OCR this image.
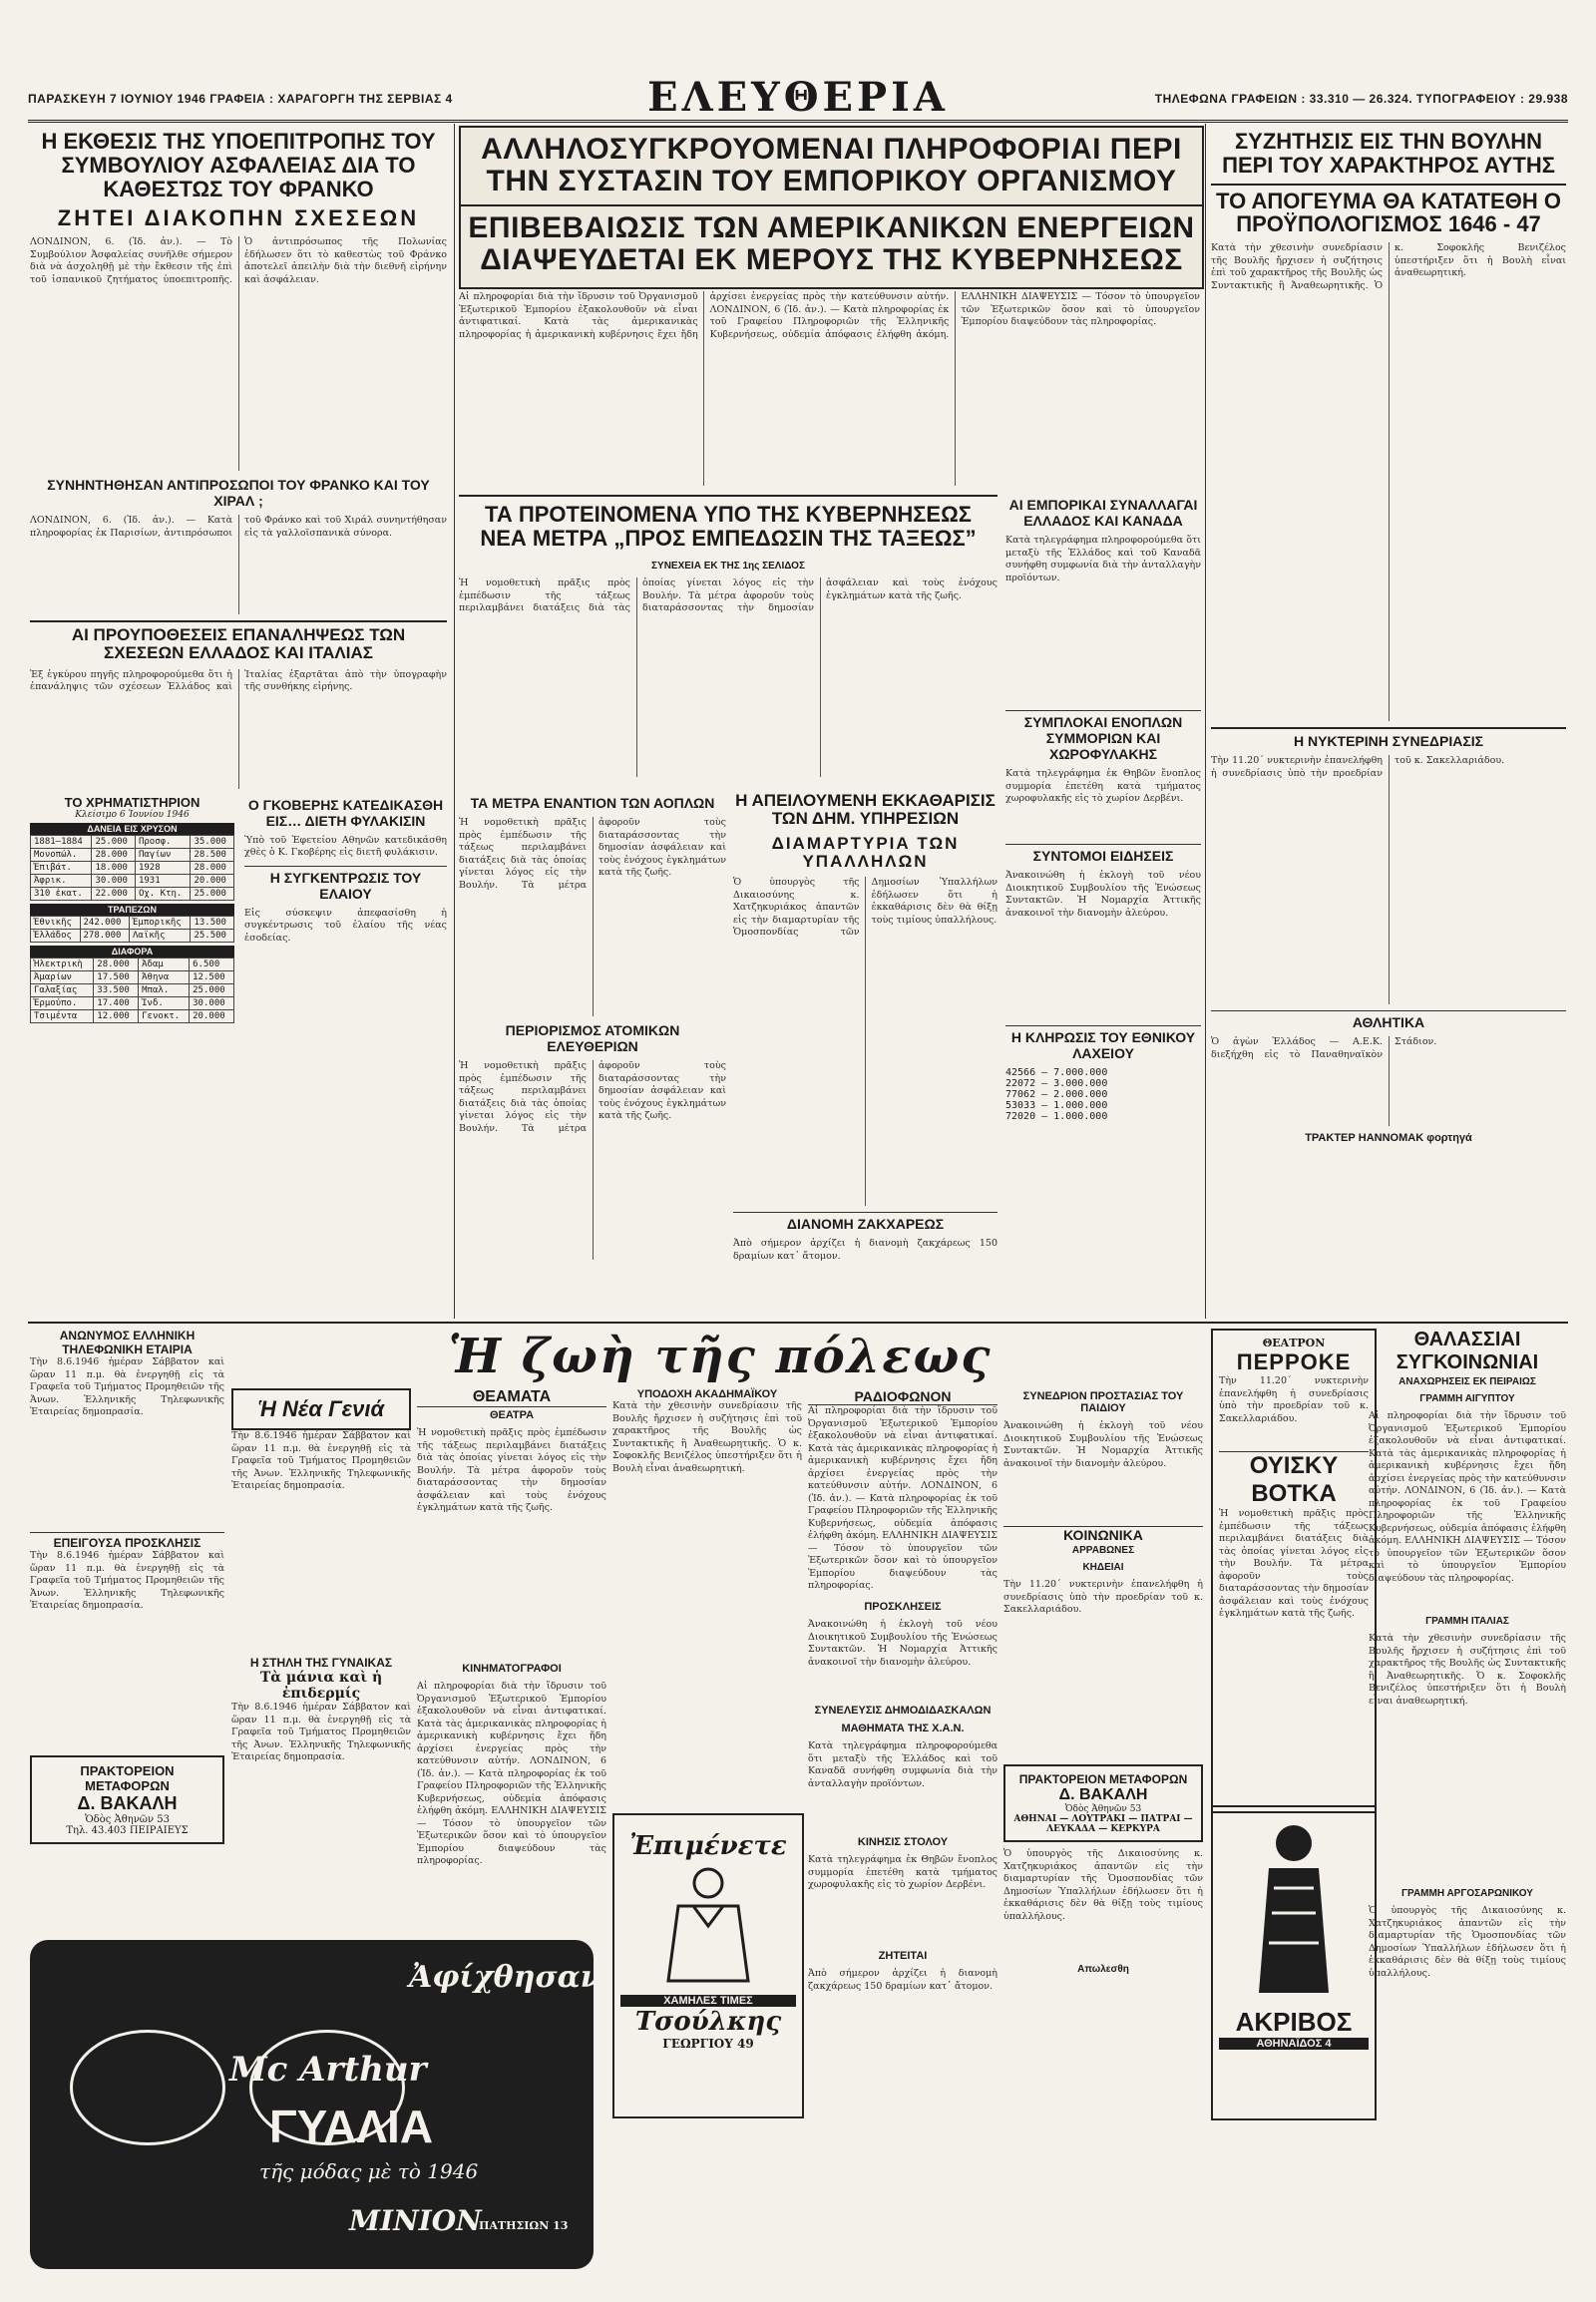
ΠΑΡΑΣΚΕΥΗ 7 ΙΟΥΝΙΟΥ 1946 ΓΡΑΦΕΙΑ : ΧΑΡΑΓΟΡΓΗ ΤΗΣ ΣΕΡΒΙΑΣ 4	ΕΛΕΥΘΕΡΙΑ	ΤΗΛΕΦΩΝΑ ΓΡΑΦΕΙΩΝ : 33.310 — 26.324. ΤΥΠΟΓΡΑΦΕΙΟΥ : 29.938
Η ΕΚΘΕΣΙΣ ΤΗΣ ΥΠΟΕΠΙΤΡΟΠΗΣ ΤΟΥ ΣΥΜΒΟΥΛΙΟΥ ΑΣΦΑΛΕΙΑΣ ΔΙΑ ΤΟ ΚΑΘΕΣΤΩΣ ΤΟΥ ΦΡΑΝΚΟ
ΖΗΤΕΙ ΔΙΑΚΟΠΗΝ ΣΧΕΣΕΩΝ

ΛΟΝΔΙΝΟΝ, 6. (Ἰδ. ἀν.). — Τὸ Συμβούλιον Ἀσφαλείας συνῆλθε σήμερον διὰ νὰ ἀσχοληθῇ μὲ τὴν ἔκθεσιν τῆς ἐπὶ τοῦ ἰσπανικοῦ ζητήματος ὑποεπιτροπῆς. Ὁ ἀντιπρόσωπος τῆς Πολωνίας ἐδήλωσεν ὅτι τὸ καθεστὼς τοῦ Φράνκο ἀποτελεῖ ἀπειλὴν διὰ τὴν διεθνῆ εἰρήνην καὶ ἀσφάλειαν.

ΣΥΝΗΝΤΗΘΗΣΑΝ ΑΝΤΙΠΡΟΣΩΠΟΙ ΤΟΥ ΦΡΑΝΚΟ ΚΑΙ ΤΟΥ ΧΙΡΑΛ ;

ΛΟΝΔΙΝΟΝ, 6. (Ἰδ. ἀν.). — Κατὰ πληροφορίας ἐκ Παρισίων, ἀντιπρόσωποι τοῦ Φράνκο καὶ τοῦ Χιράλ συνηντήθησαν εἰς τὰ γαλλοϊσπανικὰ σύνορα.

ΑΙ ΠΡΟΥΠΟΘΕΣΕΙΣ ΕΠΑΝΑΛΗΨΕΩΣ ΤΩΝ ΣΧΕΣΕΩΝ ΕΛΛΑΔΟΣ ΚΑΙ ΙΤΑΛΙΑΣ

Ἐξ ἐγκύρου πηγῆς πληροφορούμεθα ὅτι ἡ ἐπανάληψις τῶν σχέσεων Ἑλλάδος καὶ Ἰταλίας ἐξαρτᾶται ἀπὸ τὴν ὑπογραφὴν τῆς συνθήκης εἰρήνης.

ΤΟ ΧΡΗΜΑΤΙΣΤΗΡΙΟΝ
Κλείσιμο 6 Ἰουνίου 1946
ΔΑΝΕΙΑ ΕΙΣ ΧΡΥΣΟΝ
1881—1884	25.000	Προσφ.	35.000
Μονοπώλ.	28.000	Παγίων	28.500
Ἐπιβάτ.	18.000	1928	28.000
Ἀφρικ.	30.000	1931	20.000
310 ἐκατ.	22.000	Οχ. Κτη.	25.000
ΤΡΑΠΕΖΩΝ
Ἐθνικῆς	242.000	Ἐμπορικῆς	13.500
Ἑλλάδος	278.000	Λαϊκῆς	25.500
ΔΙΑΦΟΡΑ
Ἠλεκτρικὴ	28.000	Ἀδαμ	6.500
Ἀμαρίων	17.500	Ἀθηνα	12.500
Γαλαξίας	33.500	Μπαλ.	25.000
Ἑρμούπο.	17.400	Ἰνδ.	30.000
Τσιμέντα	12.000	Γενοκτ.	20.000
Ο ΓΚΟΒΕΡΗΣ ΚΑΤΕΔΙΚΑΣΘΗ ΕΙΣ… ΔΙΕΤΗ ΦΥΛΑΚΙΣΙΝ

Ὑπὸ τοῦ Ἐφετείου Αθηνῶν κατεδικάσθη χθὲς ὁ Κ. Γκοβέρης εἰς διετῆ φυλάκισιν.

Η ΣΥΓΚΕΝΤΡΩΣΙΣ ΤΟΥ ΕΛΑΙΟΥ

Εἰς σύσκεψιν ἀπεφασίσθη ἡ συγκέντρωσις τοῦ ἐλαίου τῆς νέας ἐσοδείας.

ΑΛΛΗΛΟΣΥΓΚΡΟΥΟΜΕΝΑΙ ΠΛΗΡΟΦΟΡΙΑΙ ΠΕΡΙ ΤΗΝ ΣΥΣΤΑΣΙΝ ΤΟΥ ΕΜΠΟΡΙΚΟΥ ΟΡΓΑΝΙΣΜΟΥ
ΕΠΙΒΕΒΑΙΩΣΙΣ ΤΩΝ ΑΜΕΡΙΚΑΝΙΚΩΝ ΕΝΕΡΓΕΙΩΝ ΔΙΑΨΕΥΔΕΤΑΙ ΕΚ ΜΕΡΟΥΣ ΤΗΣ ΚΥΒΕΡΝΗΣΕΩΣ

Αἱ πληροφορίαι διὰ τὴν ἵδρυσιν τοῦ Ὀργανισμοῦ Ἐξωτερικοῦ Ἐμπορίου ἐξακολουθοῦν νὰ εἶναι ἀντιφατικαί. Κατὰ τὰς ἀμερικανικὰς πληροφορίας ἡ ἀμερικανικὴ κυβέρνησις ἔχει ἤδη ἀρχίσει ἐνεργείας πρὸς τὴν κατεύθυνσιν αὐτήν. ΛΟΝΔΙΝΟΝ, 6 (Ἰδ. ἀν.). — Κατὰ πληροφορίας ἐκ τοῦ Γραφείου Πληροφοριῶν τῆς Ἐλληνικῆς Κυβερνήσεως, οὐδεμία ἀπόφασις ἐλήφθη ἀκόμη. ΕΛΛΗΝΙΚΗ ΔΙΑΨΕΥΣΙΣ — Τόσον τὸ ὑπουργεῖον τῶν Ἐξωτερικῶν ὅσον καὶ τὸ ὑπουργεῖον Ἐμπορίου διαψεύδουν τὰς πληροφορίας.

ΤΑ ΠΡΟΤΕΙΝΟΜΕΝΑ ΥΠΟ ΤΗΣ ΚΥΒΕΡΝΗΣΕΩΣ ΝΕΑ ΜΕΤΡΑ „ΠΡΟΣ ΕΜΠΕΔΩΣΙΝ ΤΗΣ ΤΑΞΕΩΣ”
ΣΥΝΕΧΕΙΑ ΕΚ ΤΗΣ 1ης ΣΕΛΙΔΟΣ

Ἡ νομοθετικὴ πρᾶξις πρὸς ἐμπέδωσιν τῆς τάξεως περιλαμβάνει διατάξεις διὰ τὰς ὁποίας γίνεται λόγος εἰς τὴν Βουλήν. Τὰ μέτρα ἀφοροῦν τοὺς διαταράσσοντας τὴν δημοσίαν ἀσφάλειαν καὶ τοὺς ἐνόχους ἐγκλημάτων κατὰ τῆς ζωῆς.

Η ΑΠΕΙΛΟΥΜΕΝΗ ΕΚΚΑΘΑΡΙΣΙΣ ΤΩΝ ΔΗΜ. ΥΠΗΡΕΣΙΩΝ
ΔΙΑΜΑΡΤΥΡΙΑ ΤΩΝ ΥΠΑΛΛΗΛΩΝ

Ὁ ὑπουργὸς τῆς Δικαιοσύνης κ. Χατζηκυριάκος ἀπαντῶν εἰς τὴν διαμαρτυρίαν τῆς Ὁμοσπονδίας τῶν Δημοσίων Ὑπαλλήλων ἐδήλωσεν ὅτι ἡ ἐκκαθάρισις δὲν θὰ θίξῃ τοὺς τιμίους ὑπαλλήλους.

ΔΙΑΝΟΜΗ ΖΑΚΧΑΡΕΩΣ

Ἀπὸ σήμερον ἀρχίζει ἡ διανομὴ ζακχάρεως 150 δραμίων κατ᾽ ἄτομον.

ΤΑ ΜΕΤΡΑ ΕΝΑΝΤΙΟΝ ΤΩΝ ΑΟΠΛΩΝ

Ἡ νομοθετικὴ πρᾶξις πρὸς ἐμπέδωσιν τῆς τάξεως περιλαμβάνει διατάξεις διὰ τὰς ὁποίας γίνεται λόγος εἰς τὴν Βουλήν. Τὰ μέτρα ἀφοροῦν τοὺς διαταράσσοντας τὴν δημοσίαν ἀσφάλειαν καὶ τοὺς ἐνόχους ἐγκλημάτων κατὰ τῆς ζωῆς.

ΠΕΡΙΟΡΙΣΜΟΣ ΑΤΟΜΙΚΩΝ ΕΛΕΥΘΕΡΙΩΝ

Ἡ νομοθετικὴ πρᾶξις πρὸς ἐμπέδωσιν τῆς τάξεως περιλαμβάνει διατάξεις διὰ τὰς ὁποίας γίνεται λόγος εἰς τὴν Βουλήν. Τὰ μέτρα ἀφοροῦν τοὺς διαταράσσοντας τὴν δημοσίαν ἀσφάλειαν καὶ τοὺς ἐνόχους ἐγκλημάτων κατὰ τῆς ζωῆς.

ΑΙ ΕΜΠΟΡΙΚΑΙ ΣΥΝΑΛΛΑΓΑΙ ΕΛΛΑΔΟΣ ΚΑΙ ΚΑΝΑΔΑ

Κατὰ τηλεγράφημα πληροφορούμεθα ὅτι μεταξὺ τῆς Ἑλλάδος καὶ τοῦ Καναδᾶ συνήφθη συμφωνία διὰ τὴν ἀνταλλαγὴν προϊόντων.

ΣΥΜΠΛΟΚΑΙ ΕΝΟΠΛΩΝ ΣΥΜΜΟΡΙΩΝ ΚΑΙ ΧΩΡΟΦΥΛΑΚΗΣ

Κατὰ τηλεγράφημα ἐκ Θηβῶν ἔνοπλος συμμορία ἐπετέθη κατὰ τμήματος χωροφυλακῆς εἰς τὸ χωρίον Δερβένι.

ΣΥΝΤΟΜΟΙ ΕΙΔΗΣΕΙΣ

Ἀνακοινώθη ἡ ἐκλογὴ τοῦ νέου Διοικητικοῦ Συμβουλίου τῆς Ἑνώσεως Συντακτῶν. Ἡ Νομαρχία Ἀττικῆς ἀνακοινοῖ τὴν διανομὴν ἀλεύρου.

Η ΚΛΗΡΩΣΙΣ ΤΟΥ ΕΘΝΙΚΟΥ ΛΑΧΕΙΟΥ
42566 — 7.000.000
22072 — 3.000.000
77062 — 2.000.000
53033 — 1.000.000
72020 — 1.000.000
ΣΥΖΗΤΗΣΙΣ ΕΙΣ ΤΗΝ ΒΟΥΛΗΝ ΠΕΡΙ ΤΟΥ ΧΑΡΑΚΤΗΡΟΣ ΑΥΤΗΣ
ΤΟ ΑΠΟΓΕΥΜΑ ΘΑ ΚΑΤΑΤΕΘΗ Ο ΠΡΟΫΠΟΛΟΓΙΣΜΟΣ 1646 - 47

Κατὰ τὴν χθεσινὴν συνεδρίασιν τῆς Βουλῆς ἤρχισεν ἡ συζήτησις ἐπὶ τοῦ χαρακτῆρος τῆς Βουλῆς ὡς Συντακτικῆς ἢ Ἀναθεωρητικῆς. Ὁ κ. Σοφοκλῆς Βενιζέλος ὑπεστήριξεν ὅτι ἡ Βουλὴ εἶναι ἀναθεωρητική.

Η ΝΥΚΤΕΡΙΝΗ ΣΥΝΕΔΡΙΑΣΙΣ

Τὴν 11.20΄ νυκτερινὴν ἐπανελήφθη ἡ συνεδρίασις ὑπὸ τὴν προεδρίαν τοῦ κ. Σακελλαριάδου.

ΑΘΛΗΤΙΚΑ

Ὁ ἀγὼν Ἑλλάδος — Α.Ε.Κ. διεξήχθη εἰς τὸ Παναθηναϊκὸν Στάδιον.

ΤΡΑΚΤΕΡ ΗΑΝΝΟΜΑΚ φορτηγά
ΑΝΩΝΥΜΟΣ ΕΛΛΗΝΙΚΗ ΤΗΛΕΦΩΝΙΚΗ ΕΤΑΙΡΙΑ

Τὴν 8.6.1946 ἡμέραν Σάββατον καὶ ὥραν 11 π.μ. θὰ ἐνεργηθῇ εἰς τὰ Γραφεῖα τοῦ Τμήματος Προμηθειῶν τῆς Ἀνων. Ἑλληνικῆς Τηλεφωνικῆς Ἐταιρείας δημοπρασία.

ΕΠΕΙΓΟΥΣΑ ΠΡΟΣΚΛΗΣΙΣ

Τὴν 8.6.1946 ἡμέραν Σάββατον καὶ ὥραν 11 π.μ. θὰ ἐνεργηθῇ εἰς τὰ Γραφεῖα τοῦ Τμήματος Προμηθειῶν τῆς Ἀνων. Ἑλληνικῆς Τηλεφωνικῆς Ἐταιρείας δημοπρασία.

ΠΡΑΚΤΟΡΕΙΟΝ ΜΕΤΑΦΟΡΩΝ
Δ. ΒΑΚΑΛΗ
Ὁδὸς Ἀθηνῶν 53
Τηλ. 43.403 ΠΕΙΡΑΙΕΥΣ
Ἡ ζωὴ τῆς πόλεως
Ἡ Νέα Γενιά

Τὴν 8.6.1946 ἡμέραν Σάββατον καὶ ὥραν 11 π.μ. θὰ ἐνεργηθῇ εἰς τὰ Γραφεῖα τοῦ Τμήματος Προμηθειῶν τῆς Ἀνων. Ἑλληνικῆς Τηλεφωνικῆς Ἐταιρείας δημοπρασία.

Η ΣΤΗΛΗ ΤΗΣ ΓΥΝΑΙΚΑΣ
Τὰ μάνια καὶ ἡ ἐπιδερμίς

Τὴν 8.6.1946 ἡμέραν Σάββατον καὶ ὥραν 11 π.μ. θὰ ἐνεργηθῇ εἰς τὰ Γραφεῖα τοῦ Τμήματος Προμηθειῶν τῆς Ἀνων. Ἑλληνικῆς Τηλεφωνικῆς Ἐταιρείας δημοπρασία.

ΘΕΑΜΑΤΑ
ΘΕΑΤΡΑ

Ἡ νομοθετικὴ πρᾶξις πρὸς ἐμπέδωσιν τῆς τάξεως περιλαμβάνει διατάξεις διὰ τὰς ὁποίας γίνεται λόγος εἰς τὴν Βουλήν. Τὰ μέτρα ἀφοροῦν τοὺς διαταράσσοντας τὴν δημοσίαν ἀσφάλειαν καὶ τοὺς ἐνόχους ἐγκλημάτων κατὰ τῆς ζωῆς.

ΚΙΝΗΜΑΤΟΓΡΑΦΟΙ

Αἱ πληροφορίαι διὰ τὴν ἵδρυσιν τοῦ Ὀργανισμοῦ Ἐξωτερικοῦ Ἐμπορίου ἐξακολουθοῦν νὰ εἶναι ἀντιφατικαί. Κατὰ τὰς ἀμερικανικὰς πληροφορίας ἡ ἀμερικανικὴ κυβέρνησις ἔχει ἤδη ἀρχίσει ἐνεργείας πρὸς τὴν κατεύθυνσιν αὐτήν. ΛΟΝΔΙΝΟΝ, 6 (Ἰδ. ἀν.). — Κατὰ πληροφορίας ἐκ τοῦ Γραφείου Πληροφοριῶν τῆς Ἐλληνικῆς Κυβερνήσεως, οὐδεμία ἀπόφασις ἐλήφθη ἀκόμη. ΕΛΛΗΝΙΚΗ ΔΙΑΨΕΥΣΙΣ — Τόσον τὸ ὑπουργεῖον τῶν Ἐξωτερικῶν ὅσον καὶ τὸ ὑπουργεῖον Ἐμπορίου διαψεύδουν τὰς πληροφορίας.

ΥΠΟΔΟΧΗ ΑΚΑΔΗΜΑΪΚΟΥ

Κατὰ τὴν χθεσινὴν συνεδρίασιν τῆς Βουλῆς ἤρχισεν ἡ συζήτησις ἐπὶ τοῦ χαρακτῆρος τῆς Βουλῆς ὡς Συντακτικῆς ἢ Ἀναθεωρητικῆς. Ὁ κ. Σοφοκλῆς Βενιζέλος ὑπεστήριξεν ὅτι ἡ Βουλὴ εἶναι ἀναθεωρητική.

Ἐπιμένετε
ΧΑΜΗΛΕΣ ΤΙΜΕΣ
Τσούλκης
ΓΕΩΡΓΙΟΥ 49
ΡΑΔΙΟΦΩΝΟΝ

Αἱ πληροφορίαι διὰ τὴν ἵδρυσιν τοῦ Ὀργανισμοῦ Ἐξωτερικοῦ Ἐμπορίου ἐξακολουθοῦν νὰ εἶναι ἀντιφατικαί. Κατὰ τὰς ἀμερικανικὰς πληροφορίας ἡ ἀμερικανικὴ κυβέρνησις ἔχει ἤδη ἀρχίσει ἐνεργείας πρὸς τὴν κατεύθυνσιν αὐτήν. ΛΟΝΔΙΝΟΝ, 6 (Ἰδ. ἀν.). — Κατὰ πληροφορίας ἐκ τοῦ Γραφείου Πληροφοριῶν τῆς Ἐλληνικῆς Κυβερνήσεως, οὐδεμία ἀπόφασις ἐλήφθη ἀκόμη. ΕΛΛΗΝΙΚΗ ΔΙΑΨΕΥΣΙΣ — Τόσον τὸ ὑπουργεῖον τῶν Ἐξωτερικῶν ὅσον καὶ τὸ ὑπουργεῖον Ἐμπορίου διαψεύδουν τὰς πληροφορίας.

ΠΡΟΣΚΛΗΣΕΙΣ

Ἀνακοινώθη ἡ ἐκλογὴ τοῦ νέου Διοικητικοῦ Συμβουλίου τῆς Ἑνώσεως Συντακτῶν. Ἡ Νομαρχία Ἀττικῆς ἀνακοινοῖ τὴν διανομὴν ἀλεύρου.

ΣΥΝΕΛΕΥΣΙΣ ΔΗΜΟΔΙΔΑΣΚΑΛΩΝ
ΜΑΘΗΜΑΤΑ ΤΗΣ Χ.Α.Ν.

Κατὰ τηλεγράφημα πληροφορούμεθα ὅτι μεταξὺ τῆς Ἑλλάδος καὶ τοῦ Καναδᾶ συνήφθη συμφωνία διὰ τὴν ἀνταλλαγὴν προϊόντων.

ΚΙΝΗΣΙΣ ΣΤΟΛΟΥ

Κατὰ τηλεγράφημα ἐκ Θηβῶν ἔνοπλος συμμορία ἐπετέθη κατὰ τμήματος χωροφυλακῆς εἰς τὸ χωρίον Δερβένι.

ΖΗΤΕΙΤΑΙ

Ἀπὸ σήμερον ἀρχίζει ἡ διανομὴ ζακχάρεως 150 δραμίων κατ᾽ ἄτομον.

ΣΥΝΕΔΡΙΟΝ ΠΡΟΣΤΑΣΙΑΣ ΤΟΥ ΠΑΙΔΙΟΥ

Ἀνακοινώθη ἡ ἐκλογὴ τοῦ νέου Διοικητικοῦ Συμβουλίου τῆς Ἑνώσεως Συντακτῶν. Ἡ Νομαρχία Ἀττικῆς ἀνακοινοῖ τὴν διανομὴν ἀλεύρου.

ΚΟΙΝΩΝΙΚΑ
ΑΡΡΑΒΩΝΕΣ
ΚΗΔΕΙΑΙ

Τὴν 11.20΄ νυκτερινὴν ἐπανελήφθη ἡ συνεδρίασις ὑπὸ τὴν προεδρίαν τοῦ κ. Σακελλαριάδου.

ΠΡΑΚΤΟΡΕΙΟΝ ΜΕΤΑΦΟΡΩΝ
Δ. ΒΑΚΑΛΗ
Ὁδὸς Ἀθηνῶν 53
ΑΘΗΝΑΙ — ΛΟΥΤΡΑΚΙ — ΠΑΤΡΑΙ — ΛΕΥΚΑΔΑ — ΚΕΡΚΥΡΑ

Ὁ ὑπουργὸς τῆς Δικαιοσύνης κ. Χατζηκυριάκος ἀπαντῶν εἰς τὴν διαμαρτυρίαν τῆς Ὁμοσπονδίας τῶν Δημοσίων Ὑπαλλήλων ἐδήλωσεν ὅτι ἡ ἐκκαθάρισις δὲν θὰ θίξῃ τοὺς τιμίους ὑπαλλήλους.

Απωλεσθη
ΘΕΑΤΡΟΝ
ΠΕΡΡΟΚΕ

Τὴν 11.20΄ νυκτερινὴν ἐπανελήφθη ἡ συνεδρίασις ὑπὸ τὴν προεδρίαν τοῦ κ. Σακελλαριάδου.

ΟΥΙΣΚΥ
ΒΟΤΚΑ

Ἡ νομοθετικὴ πρᾶξις πρὸς ἐμπέδωσιν τῆς τάξεως περιλαμβάνει διατάξεις διὰ τὰς ὁποίας γίνεται λόγος εἰς τὴν Βουλήν. Τὰ μέτρα ἀφοροῦν τοὺς διαταράσσοντας τὴν δημοσίαν ἀσφάλειαν καὶ τοὺς ἐνόχους ἐγκλημάτων κατὰ τῆς ζωῆς.

ΑΚΡΙΒΟΣ
ΑΘΗΝΑΪΔΟΣ 4
ΘΑΛΑΣΣΙΑΙ ΣΥΓΚΟΙΝΩΝΙΑΙ
ΑΝΑΧΩΡΗΣΕΙΣ ΕΚ ΠΕΙΡΑΙΩΣ
ΓΡΑΜΜΗ ΑΙΓΥΠΤΟΥ

Αἱ πληροφορίαι διὰ τὴν ἵδρυσιν τοῦ Ὀργανισμοῦ Ἐξωτερικοῦ Ἐμπορίου ἐξακολουθοῦν νὰ εἶναι ἀντιφατικαί. Κατὰ τὰς ἀμερικανικὰς πληροφορίας ἡ ἀμερικανικὴ κυβέρνησις ἔχει ἤδη ἀρχίσει ἐνεργείας πρὸς τὴν κατεύθυνσιν αὐτήν. ΛΟΝΔΙΝΟΝ, 6 (Ἰδ. ἀν.). — Κατὰ πληροφορίας ἐκ τοῦ Γραφείου Πληροφοριῶν τῆς Ἐλληνικῆς Κυβερνήσεως, οὐδεμία ἀπόφασις ἐλήφθη ἀκόμη. ΕΛΛΗΝΙΚΗ ΔΙΑΨΕΥΣΙΣ — Τόσον τὸ ὑπουργεῖον τῶν Ἐξωτερικῶν ὅσον καὶ τὸ ὑπουργεῖον Ἐμπορίου διαψεύδουν τὰς πληροφορίας.

ΓΡΑΜΜΗ ΙΤΑΛΙΑΣ

Κατὰ τὴν χθεσινὴν συνεδρίασιν τῆς Βουλῆς ἤρχισεν ἡ συζήτησις ἐπὶ τοῦ χαρακτῆρος τῆς Βουλῆς ὡς Συντακτικῆς ἢ Ἀναθεωρητικῆς. Ὁ κ. Σοφοκλῆς Βενιζέλος ὑπεστήριξεν ὅτι ἡ Βουλὴ εἶναι ἀναθεωρητική.

ΓΡΑΜΜΗ ΑΡΓΟΣΑΡΩΝΙΚΟΥ

Ὁ ὑπουργὸς τῆς Δικαιοσύνης κ. Χατζηκυριάκος ἀπαντῶν εἰς τὴν διαμαρτυρίαν τῆς Ὁμοσπονδίας τῶν Δημοσίων Ὑπαλλήλων ἐδήλωσεν ὅτι ἡ ἐκκαθάρισις δὲν θὰ θίξῃ τοὺς τιμίους ὑπαλλήλους.

Ἀφίχθησαν!
Mc Arthur
ΓΥΑΛΙΑ
τῆς μόδας μὲ τὸ 1946
ΜΙΝΙΟΝ
ΠΑΤΗΣΙΩΝ 13
